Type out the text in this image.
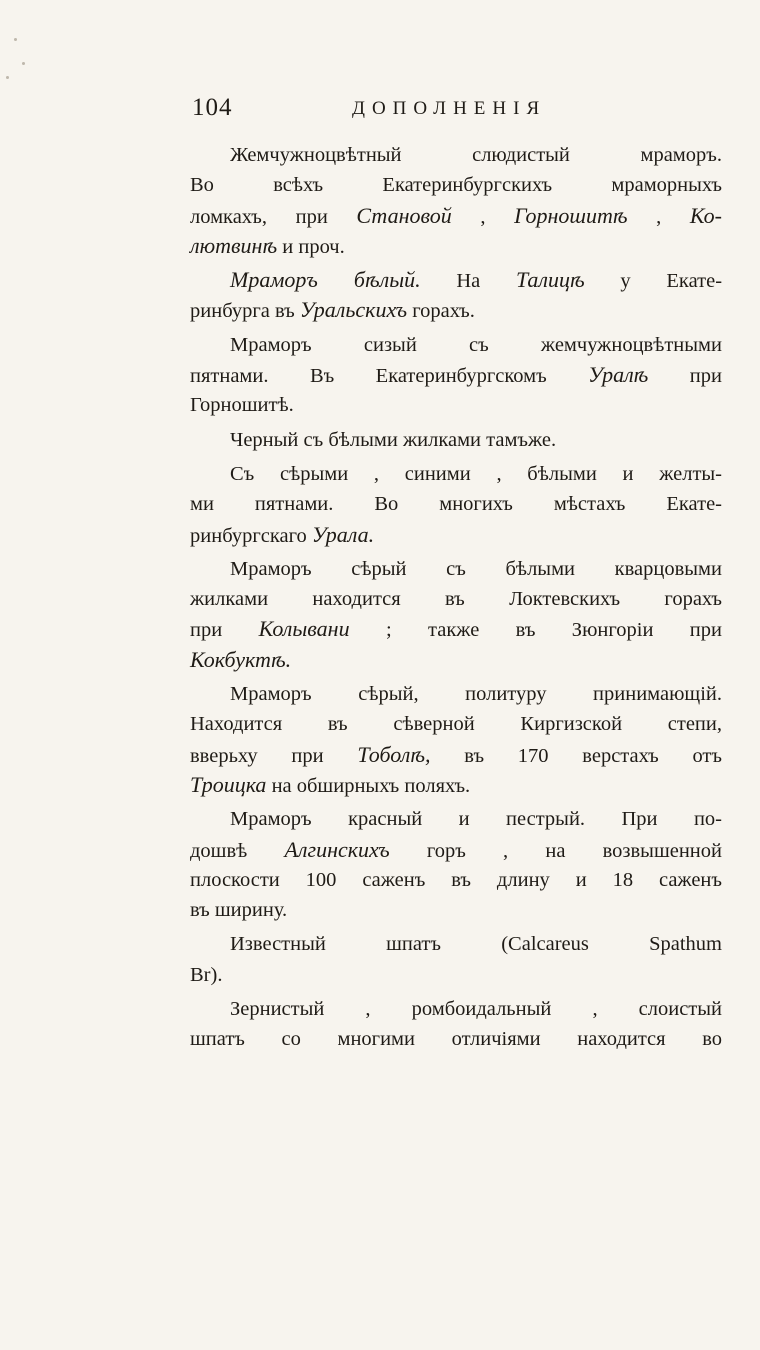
104	ДОПОЛНЕНІЯ
Жемчужноцвѣтный слюдистый мраморъ.
Во всѣхъ Екатеринбургскихъ мраморныхъ
ломкахъ, при Становой , Горношитѣ , Ко-
лютвинѣ и проч.
Мраморъ бѣлый. На Талицѣ у Екате-
ринбурга въ Уральскихъ горахъ.
Мраморъ сизый съ жемчужноцвѣтными
пятнами. Въ Екатеринбургскомъ Уралѣ при
Горношитѣ.
Черный съ бѣлыми жилками тамъже.
Съ сѣрыми , синими , бѣлыми и желты-
ми пятнами. Во многихъ мѣстахъ Екате-
ринбургскаго Урала.
Мраморъ сѣрый съ бѣлыми кварцовыми
жилками находится въ Локтевскихъ горахъ
при Колывани ; также въ Зюнгоріи при
Кокбуктѣ.
Мраморъ сѣрый, политуру принимающій.
Находится въ сѣверной Киргизской степи,
вверьху при Тоболѣ, въ 170 верстахъ отъ
Троицка на обширныхъ поляхъ.
Мраморъ красный и пестрый. При по-
дошвѣ Алгинскихъ горъ , на возвышенной
плоскости 100 саженъ въ длину и 18 саженъ
въ ширину.
Известный шпатъ (Calcareus Spathum
Br).
Зернистый , ромбоидальный , слоистый
шпатъ со многими отличіями находится во
